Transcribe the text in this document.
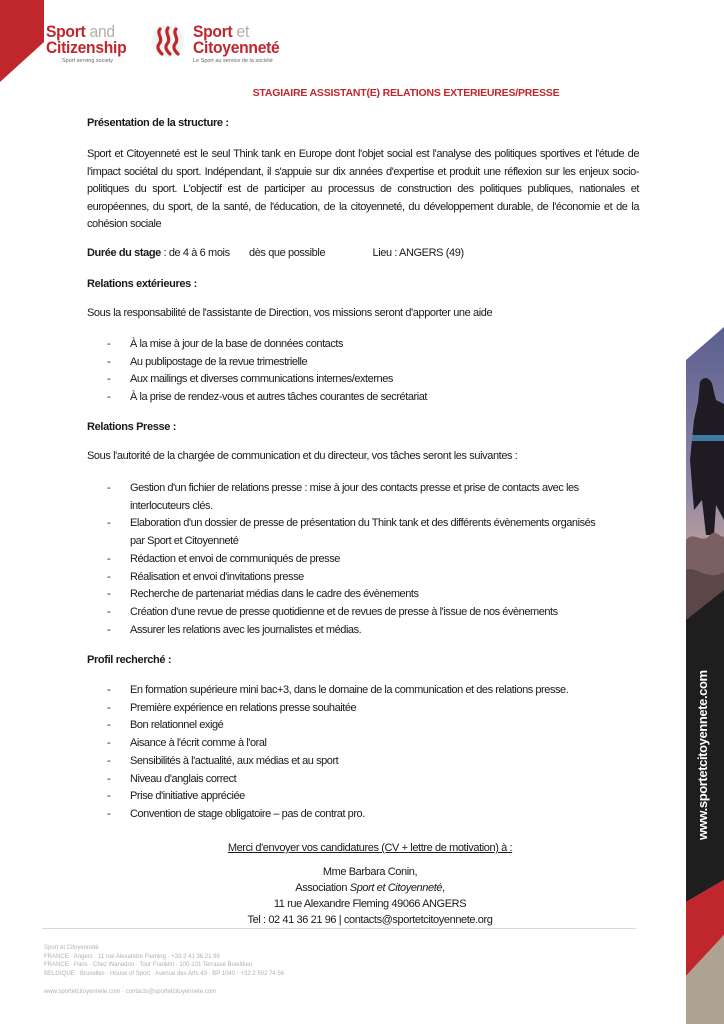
Sport and
Citizenship
Sport serving society
Sport et
Citoyenneté
Le Sport au service de la société
STAGIAIRE ASSISTANT(E) RELATIONS EXTERIEURES/PRESSE
Présentation de la structure :
Sport et Citoyenneté est le seul Think tank en Europe dont l'objet social est l'analyse des politiques sportives et l'étude de l'impact sociétal du sport. Indépendant, il s'appuie sur dix années d'expertise et produit une réflexion sur les enjeux socio-politiques du sport. L'objectif est de participer au processus de construction des politiques publiques, nationales et européennes, du sport, de la santé, de l'éducation, de la citoyenneté, du développement durable, de l'économie et de la cohésion sociale
Durée du stage : de 4 à 6 mois dès que possible	Lieu : ANGERS (49)
Relations extérieures :
Sous la responsabilité de l'assistante de Direction, vos missions seront d'apporter une aide
- À la mise à jour de la base de données contacts
- Au publipostage de la revue trimestrielle
- Aux mailings et diverses communications internes/externes
- À la prise de rendez-vous et autres tâches courantes de secrétariat
Relations Presse :
Sous l'autorité de la chargée de communication et du directeur, vos tâches seront les suivantes :
- Gestion d'un fichier de relations presse : mise à jour des contacts presse et prise de contacts avec les interlocuteurs clés.
- Elaboration d'un dossier de presse de présentation du Think tank et des différents évènements organisés par Sport et Citoyenneté
- Rédaction et envoi de communiqués de presse
- Réalisation et envoi d'invitations presse
- Recherche de partenariat médias dans le cadre des évènements
- Création d'une revue de presse quotidienne et de revues de presse à l'issue de nos évènements
- Assurer les relations avec les journalistes et médias.
Profil recherché :
- En formation supérieure mini bac+3, dans le domaine de la communication et des relations presse.
- Première expérience en relations presse souhaitée
- Bon relationnel exigé
- Aisance à l'écrit comme à l'oral
- Sensibilités à l'actualité, aux médias et au sport
- Niveau d'anglais correct
- Prise d'initiative appréciée
- Convention de stage obligatoire – pas de contrat pro.
Merci d'envoyer vos candidatures (CV + lettre de motivation) à :
Mme Barbara Conin,
Association Sport et Citoyenneté,
11 rue Alexandre Fleming 49066 ANGERS
Tel : 02 41 36 21 96 | contacts@sportetcitoyennete.org
Sport et Citoyenneté
FRANCE · Angers · 11 rue Alexandre Fleming · +33 2 41 36 21 96
FRANCE · Paris · Chez Wanadoo · Tour Franklin · 100-101 Terrasse Boieldieu
BELGIQUE · Bruxelles · House of Sport · Avenue des Arts 43 · BP 1040 · +32 2 502 74 56
www.sportetcitoyennete.com · contacts@sportetcitoyennete.com
www.sportetcitoyennete.com
